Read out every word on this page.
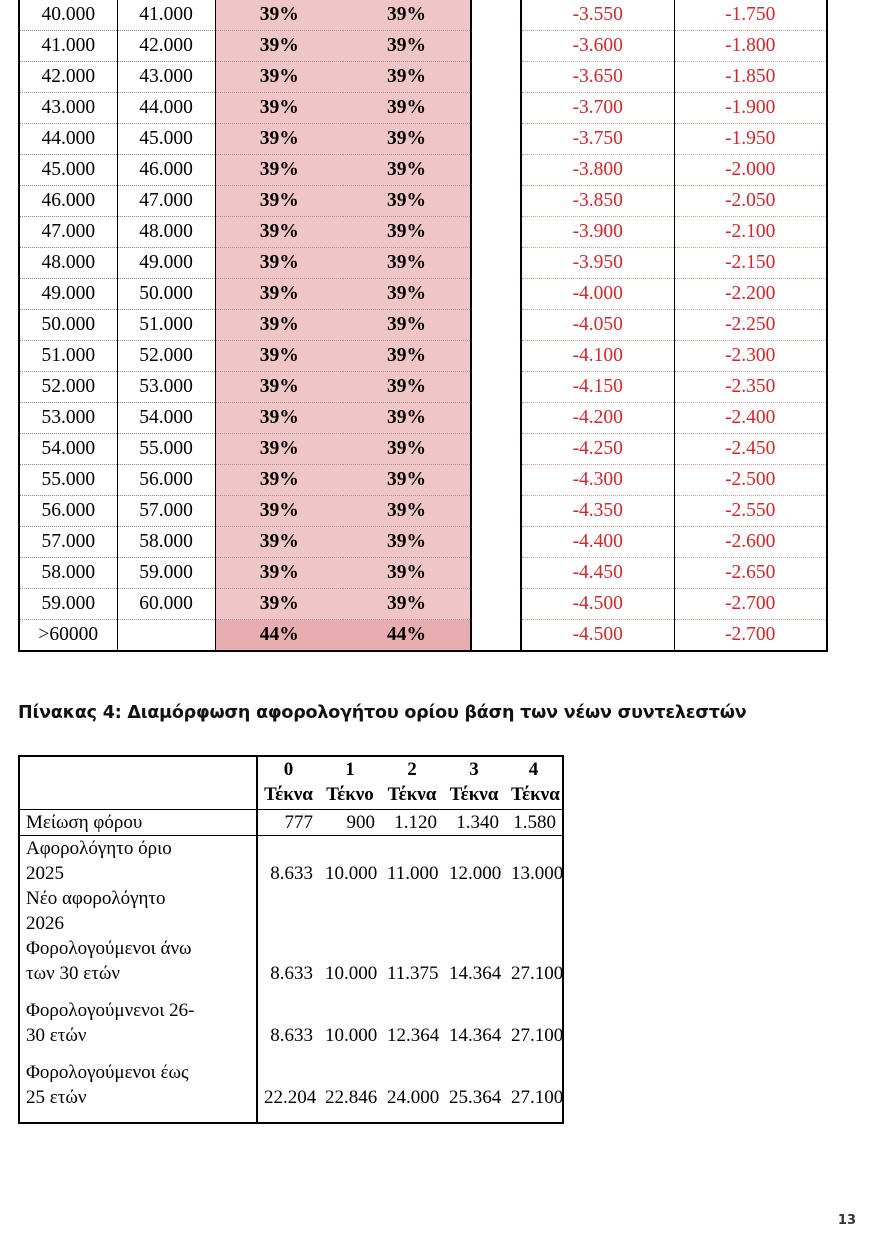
40.000	41.000	39%	39%		-3.550	-1.750
41.000	42.000	39%	39%		-3.600	-1.800
42.000	43.000	39%	39%		-3.650	-1.850
43.000	44.000	39%	39%		-3.700	-1.900
44.000	45.000	39%	39%		-3.750	-1.950
45.000	46.000	39%	39%		-3.800	-2.000
46.000	47.000	39%	39%		-3.850	-2.050
47.000	48.000	39%	39%		-3.900	-2.100
48.000	49.000	39%	39%		-3.950	-2.150
49.000	50.000	39%	39%		-4.000	-2.200
50.000	51.000	39%	39%		-4.050	-2.250
51.000	52.000	39%	39%		-4.100	-2.300
52.000	53.000	39%	39%		-4.150	-2.350
53.000	54.000	39%	39%		-4.200	-2.400
54.000	55.000	39%	39%		-4.250	-2.450
55.000	56.000	39%	39%		-4.300	-2.500
56.000	57.000	39%	39%		-4.350	-2.550
57.000	58.000	39%	39%		-4.400	-2.600
58.000	59.000	39%	39%		-4.450	-2.650
59.000	60.000	39%	39%		-4.500	-2.700
>60000		44%	44%		-4.500	-2.700
Πίνακας 4: Διαμόρφωση αφορολογήτου ορίου βάση των νέων συντελεστών
	0	1	2	3	4
	Τέκνα	Τέκνο	Τέκνα	Τέκνα	Τέκνα
Μείωση φόρου	777	900	1.120	1.340	1.580

Αφορολόγητο όριο
2025
Νέο αφορολόγητο
2026	8.633	10.000	11.000	12.000	13.000

Φορολογούμενοι άνω
των 30 ετών	8.633	10.000	11.375	14.364	27.100

Φορολογούμνενοι 26-
30 ετών	8.633	10.000	12.364	14.364	27.100

Φορολογούμενοι έως
25 ετών	22.204	22.846	24.000	25.364	27.100
13
